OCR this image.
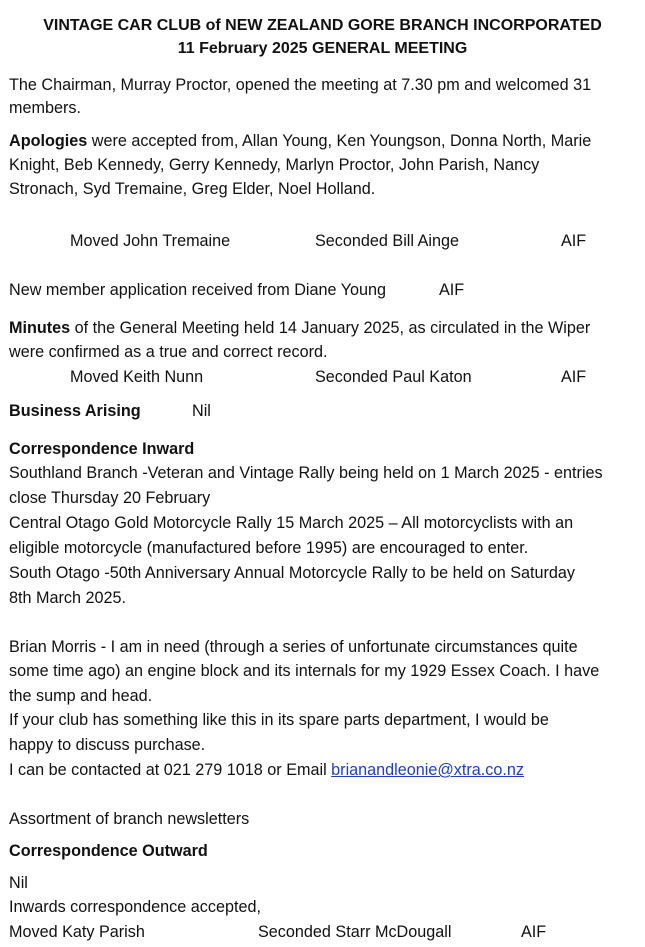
VINTAGE CAR CLUB of NEW ZEALAND GORE BRANCH INCORPORATED
11 February 2025 GENERAL MEETING
The Chairman, Murray Proctor, opened the meeting at 7.30 pm and welcomed 31
members.
Apologies were accepted from, Allan Young, Ken Youngson, Donna North, Marie
Knight, Beb Kennedy, Gerry Kennedy, Marlyn Proctor, John Parish, Nancy
Stronach, Syd Tremaine, Greg Elder, Noel Holland.
Moved John Tremaine	Seconded Bill Ainge	AIF
New member application received from Diane Young	AIF
Minutes of the General Meeting held 14 January 2025, as circulated in the Wiper
were confirmed as a true and correct record.
Moved Keith Nunn	Seconded Paul Katon	AIF
Business Arising	Nil
Correspondence Inward
Southland Branch -Veteran and Vintage Rally being held on 1 March 2025 - entries
close Thursday 20 February
Central Otago Gold Motorcycle Rally 15 March 2025 – All motorcyclists with an
eligible motorcycle (manufactured before 1995) are encouraged to enter.
South Otago -50th Anniversary Annual Motorcycle Rally to be held on Saturday
8th March 2025.
Brian Morris - I am in need (through a series of unfortunate circumstances quite
some time ago) an engine block and its internals for my 1929 Essex Coach. I have
the sump and head.
If your club has something like this in its spare parts department, I would be
happy to discuss purchase.
I can be contacted at 021 279 1018 or Email brianandleonie@xtra.co.nz
Assortment of branch newsletters
Correspondence Outward
Nil
Inwards correspondence accepted,
Moved Katy Parish	Seconded Starr McDougall	AIF
